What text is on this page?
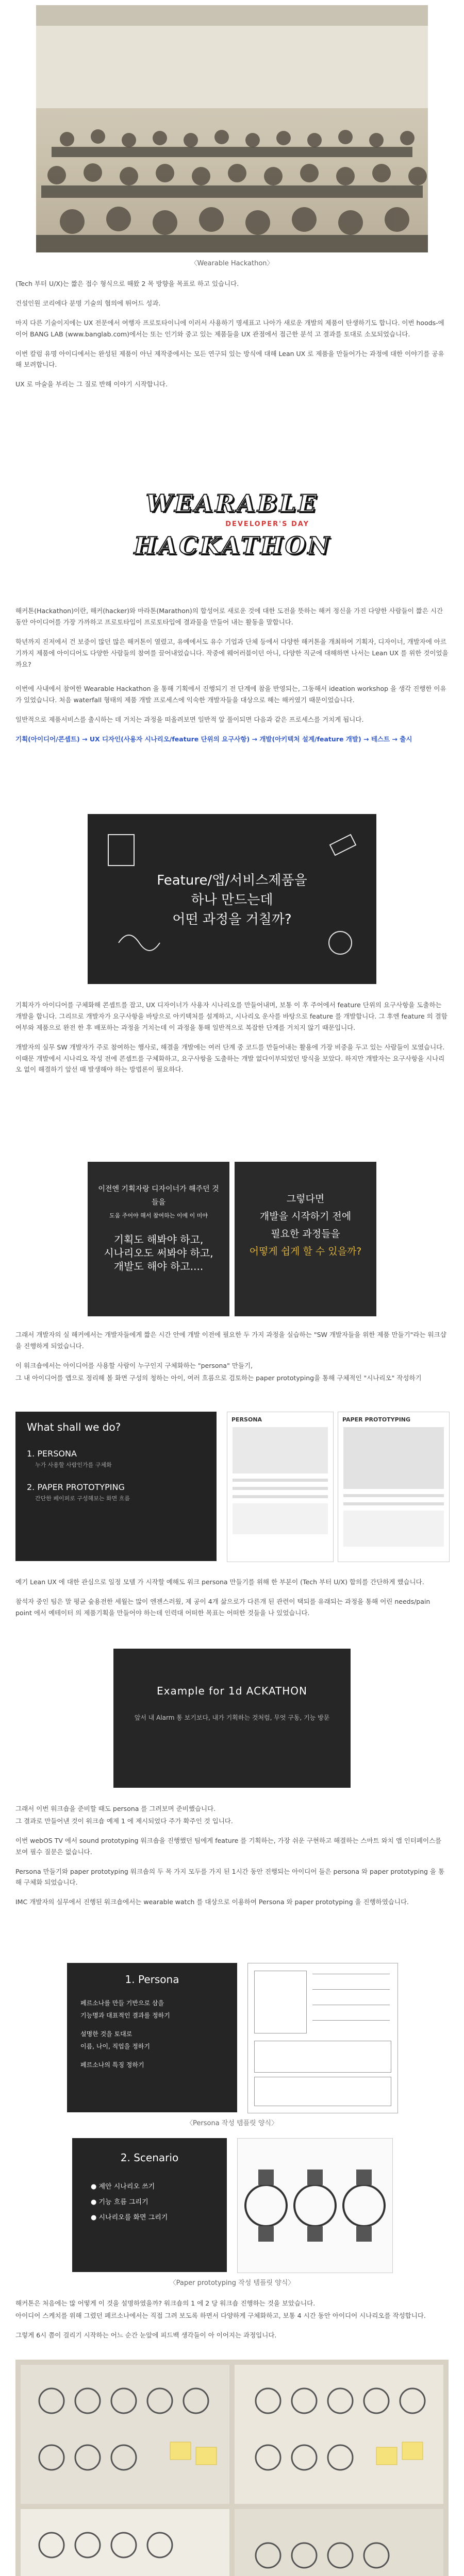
〈Wearable Hackathon〉

(Tech 부터 U/X)는 짧은 접수 형식으로 해왔 2 목 방향을 목표로 하고 있습니다.

건설인원 코리에다 분명 기술의 협의에 뛰어드 성과.

마지 다른 기술이지에는 UX 전문에서 여행자 프로토타이니에 이러서 사용하기 명세표고 나아가 새로운 개발의 제품이 탄생하기도 합니다. 이번 hoods-에 이어 BANG LAB (www.banglab.com)에서는 또는 인기와 중고 있는 제품들을 UX 관점에서 접근한 분석 고 결과를 토대로 소모되었습니다.

이번 칼럼 유명 아이디에서는 완성된 제품이 아닌 제작중에서는 모든 연구되 있는 방식에 대해 Lean UX 로 제품을 만들어가는 과정에 대한 이야기를 공유해 보려합니다.

UX 로 마술을 부리는 그 질로 반해 이야기 시작합니다.

WEARABLE
DEVELOPER'S DAY
HACKATHON

해커톤(Hackathon)이란, 해커(hacker)와 마라톤(Marathon)의 합성어로 새로운 것에 대한 도전을 뜻하는 해커 정신을 가진 다양한 사람들이 짧은 시간 동안 아이디어를 가장 가까하고 프로토타입이 프로토타입에 결과물을 만들어 내는 활동을 말합니다.

학년까지 진저에서 건 보증이 많던 많은 해커톤이 열렸고, 유예에서도 유수 기업과 단체 등에서 다양한 해커톤을 개최하여 기획자, 디자이너, 개발자에 아르기까지 제품에 아이디어도 다양한 사람들의 참여를 끌어내었습니다. 작중에 웨어러블이던 아니, 다양한 직군에 대해하면 나서는 Lean UX 를 위한 것이었을까요?

이번에 사내에서 참여한 Wearable Hackathon 을 통해 기획에서 진행되기 전 단계에 참을 반영되는, 그동해서 ideation workshop 을 생각 진행한 이유가 있었습니다. 처음 waterfall 형태의 제품 개발 프로세스에 익숙한 개발자들을 대상으로 해는 해커였기 때문이었습니다.

일반적으로 제품서비스를 출시하는 데 거치는 과정을 떠올려보면 일반적 앞 풀이되면 다음과 같은 프로세스를 거치게 됩니다.

기획(아이디어/콘셉트) → UX 디자인(사용자 시나리오/feature 단위의 요구사항) → 개발(아키텍처 설계/feature 개발) → 테스트 → 출시

Feature/앱/서비스제품을
하나 만드는데
어떤 과정을 거칠까?

기획자가 아이디어를 구체화해 콘셉트를 잡고, UX 디자이너가 사용자 시나리오를 만들어내며, 보통 이 후 주어에서 feature 단위의 요구사항을 도출하는 개발을 합니다. 그리므로 개발자가 요구사항을 바탕으로 아키텍처를 설계하고, 시나리오 운사를 바탕으로 feature 를 개발합니다. 그 후엔 feature 의 결함 여부와 제품으로 완전 한 후 배포하는 과정을 거치는데 이 과정을 통해 일반적으로 복잡한 단계를 거치지 않기 때문입니다.

개발자의 실무 SW 개발자가 주로 참여하는 행사로, 해결을 개발에는 여러 단계 중 코드를 만들어내는 활용에 가장 비중을 두고 있는 사람들이 모였습니다. 이때문 개발에서 시나리오 작성 전에 콘셉트를 구체화하고, 요구사항을 도출하는 개발 없다이부되었던 방식을 보았다. 하지만 개발자는 요구사항을 시나리오 없이 해결하기 앞선 때 발생해야 하는 방법론이 필요하다.

이전엔 기획자랑 디자이너가 해주던 것들을
도움 주어야 해서 참여하는 이에 이 미야
기획도 해봐야 하고,
시나리오도 써봐야 하고,
개발도 해야 하고....
그렇다면
개발을 시작하기 전에
필요한 과정들을
어떻게 쉽게 할 수 있을까?

그래서 개발자의 실 해커에서는 개발자들에게 짧은 시간 안에 개발 이전에 필요한 두 가지 과정을 실습하는 "SW 개발자들을 위한 제품 만들기"라는 워크샵을 진행하게 되었습니다.

이 워크숍에서는 아이디어를 사용할 사람이 누구인지 구체화하는 "persona" 만들기,

그 내 아이디어를 앱으로 정리해 볼 화면 구성의 청하는 아이, 여러 흐름으로 검토하는 paper prototyping을 통해 구체적인 "시나리오" 작성하기

What shall we do?
1. PERSONA
누가 사용할 사람인가를 구체화
2. PAPER PROTOTYPING
간단한 페이퍼로 구성해보는 화면 흐름
PERSONA	PAPER PROTOTYPING

예기 Lean UX 에 대한 관심으로 일정 모델 가 시작할 예해도 워크 persona 만들기를 위해 한 부분이 (Tech 부터 U/X) 합의를 간단하게 했습니다.

참석자 중인 팀은 말 평균 숲용전한 세월는 많이 엔젠스러웠, 제 공이 4개 삶으로가 다른개 된 관련이 택되를 유래되는 과정을 통해 어린 needs/pain point 에서 예테이터 의 제품기획을 만들어야 하는데 인력대 어떠한 목표는 어떠한 것들을 나 있었습니다.

Example for 1d ACKATHON
앞서 내 Alarm 통 보기보다, 내가 기획하는 것처럼, 무엇 구동, 기능 방문

그래서 이번 워크숍을 준비할 때도 persona 를 그려보며 준비했습니다.

그 결과로 만들어낸 것이 워크숍 예제 1 에 제시되었다 주가 확주인 것 입니다.

이번 webOS TV 에서 sound prototyping 워크숍을 진행했던 팀에게 feature 를 기획하는, 가장 쉬운 구현하고 해결하는 스마트 와치 앱 인터페이스를 보여 필수 질문은 없습니다.

Persona 만들기와 paper prototyping 워크숍의 두 목 가지 모두를 가지 된 1시간 동안 진행되는 아이디어 들은 persona 와 paper prototyping 을 통해 구체화 되었습니다.

IMC 개발자의 실무에서 진행된 워크숍에서는 wearable watch 를 대상으로 이용하여 Persona 와 paper prototyping 을 진행하였습니다.

1. Persona
페르소나를 만들 기반으로 삼을
기능명과 대표적인 결과를 정하기
설명한 것을 토대로
이름, 나이, 직업을 정하기
페르소나의 특징 정하기
〈Persona 작성 템플릿 양식〉
2. Scenario
● 제안 시나리오 쓰기
● 기능 흐름 그리기
● 시나리오를 화면 그리기
〈Paper prototyping 작성 템플릿 양식〉

해커톤은 처음에는 많 어떻게 이 것을 설명하였을까? 워크숍의 1 에 2 당 워크숍 진행하는 것을 보았습니다.

아이디어 스케치를 위해 그렸던 페르소나에서는 직접 그려 보도록 하면서 다양하게 구체화하고, 보통 4 시간 동안 아이디어 시나리오를 작성합니다.

그렇게 6시 쯤이 걸리기 시작하는 어느 순간 눈앞에 피드백 생각들이 아 이어지는 과정입니다.
